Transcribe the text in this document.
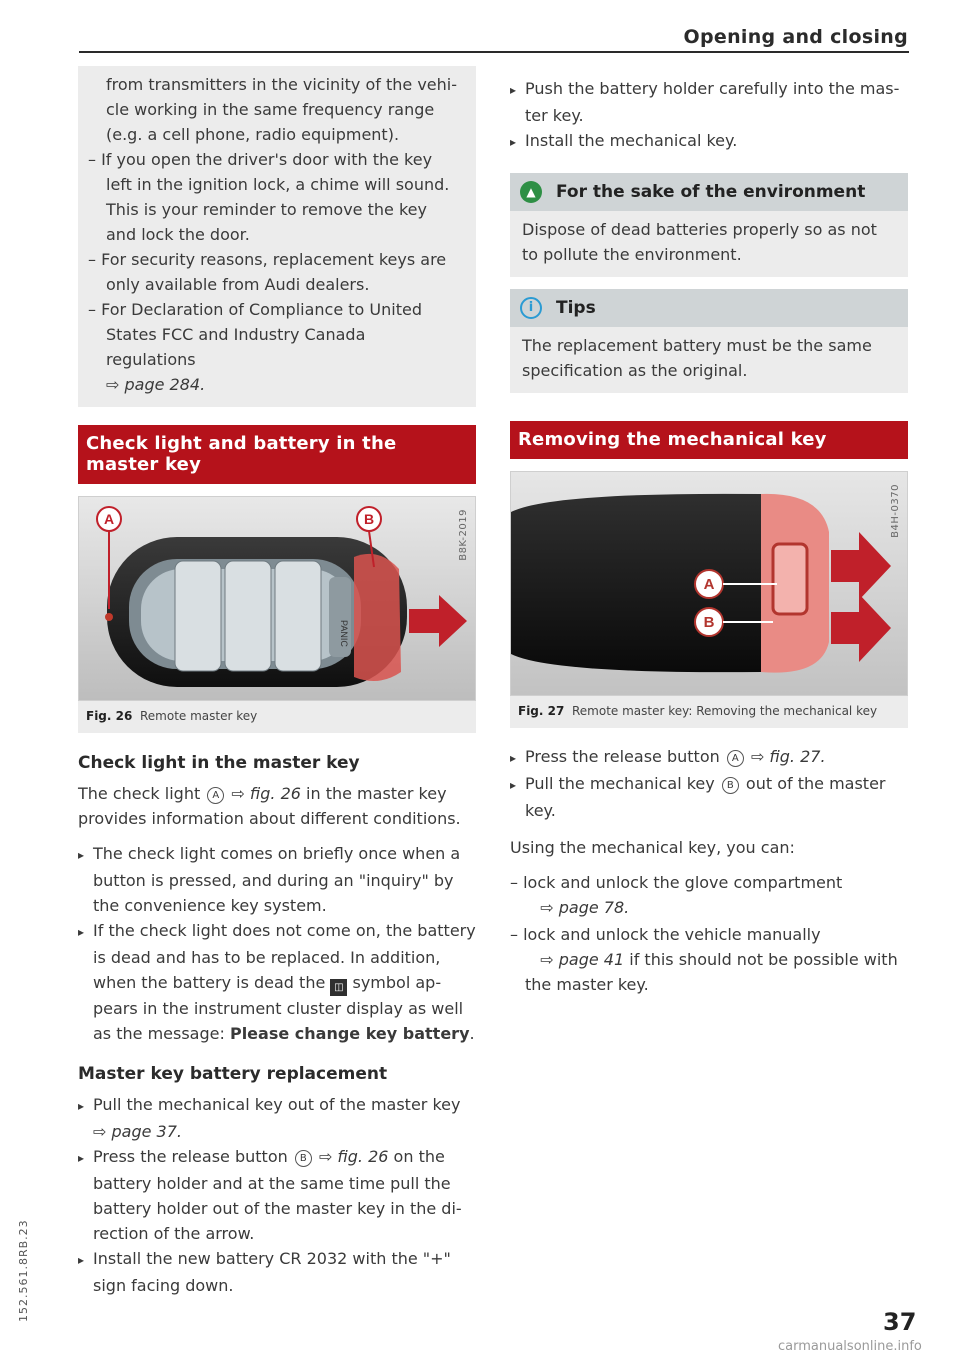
Opening and closing

from transmitters in the vicinity of the vehi-cle working in the same frequency range (e.g. a cell phone, radio equipment).

– If you open the driver's door with the key left in the ignition lock, a chime will sound. This is your reminder to remove the key and lock the door.

– For security reasons, replacement keys are only available from Audi dealers.

– For Declaration of Compliance to United States FCC and Industry Canada regulations
⇨ page 284.

Check light and battery in the master key
PANIC
A	B	B8K-2019
Fig. 26 Remote master key
Check light in the master key

The check light A ⇨ fig. 26 in the master key provides information about different conditions.

▸ The check light comes on briefly once when a button is pressed, and during an "inquiry" by the convenience key system.

▸ If the check light does not come on, the battery is dead and has to be replaced. In addition, when the battery is dead the ◫ symbol ap-pears in the instrument cluster display as well as the message: Please change key battery.

Master key battery replacement

▸ Pull the mechanical key out of the master key
⇨ page 37.

▸ Press the release button B ⇨ fig. 26 on the battery holder and at the same time pull the battery holder out of the master key in the di-rection of the arrow.

▸ Install the new battery CR 2032 with the "+" sign facing down.

▸ Push the battery holder carefully into the mas-ter key.

▸ Install the mechanical key.

▲	For the sake of the environment
Dispose of dead batteries properly so as not to pollute the environment.
i	Tips
The replacement battery must be the same specification as the original.
Removing the mechanical key
A
B
B4H-0370
Fig. 27 Remote master key: Removing the mechanical key

▸ Press the release button A ⇨ fig. 27.

▸ Pull the mechanical key B out of the master key.

Using the mechanical key, you can:

– lock and unlock the glove compartment
⇨ page 78.

– lock and unlock the vehicle manually
⇨ page 41 if this should not be possible with the master key.

152.561.8RB.23	37
carmanualsonline.info
